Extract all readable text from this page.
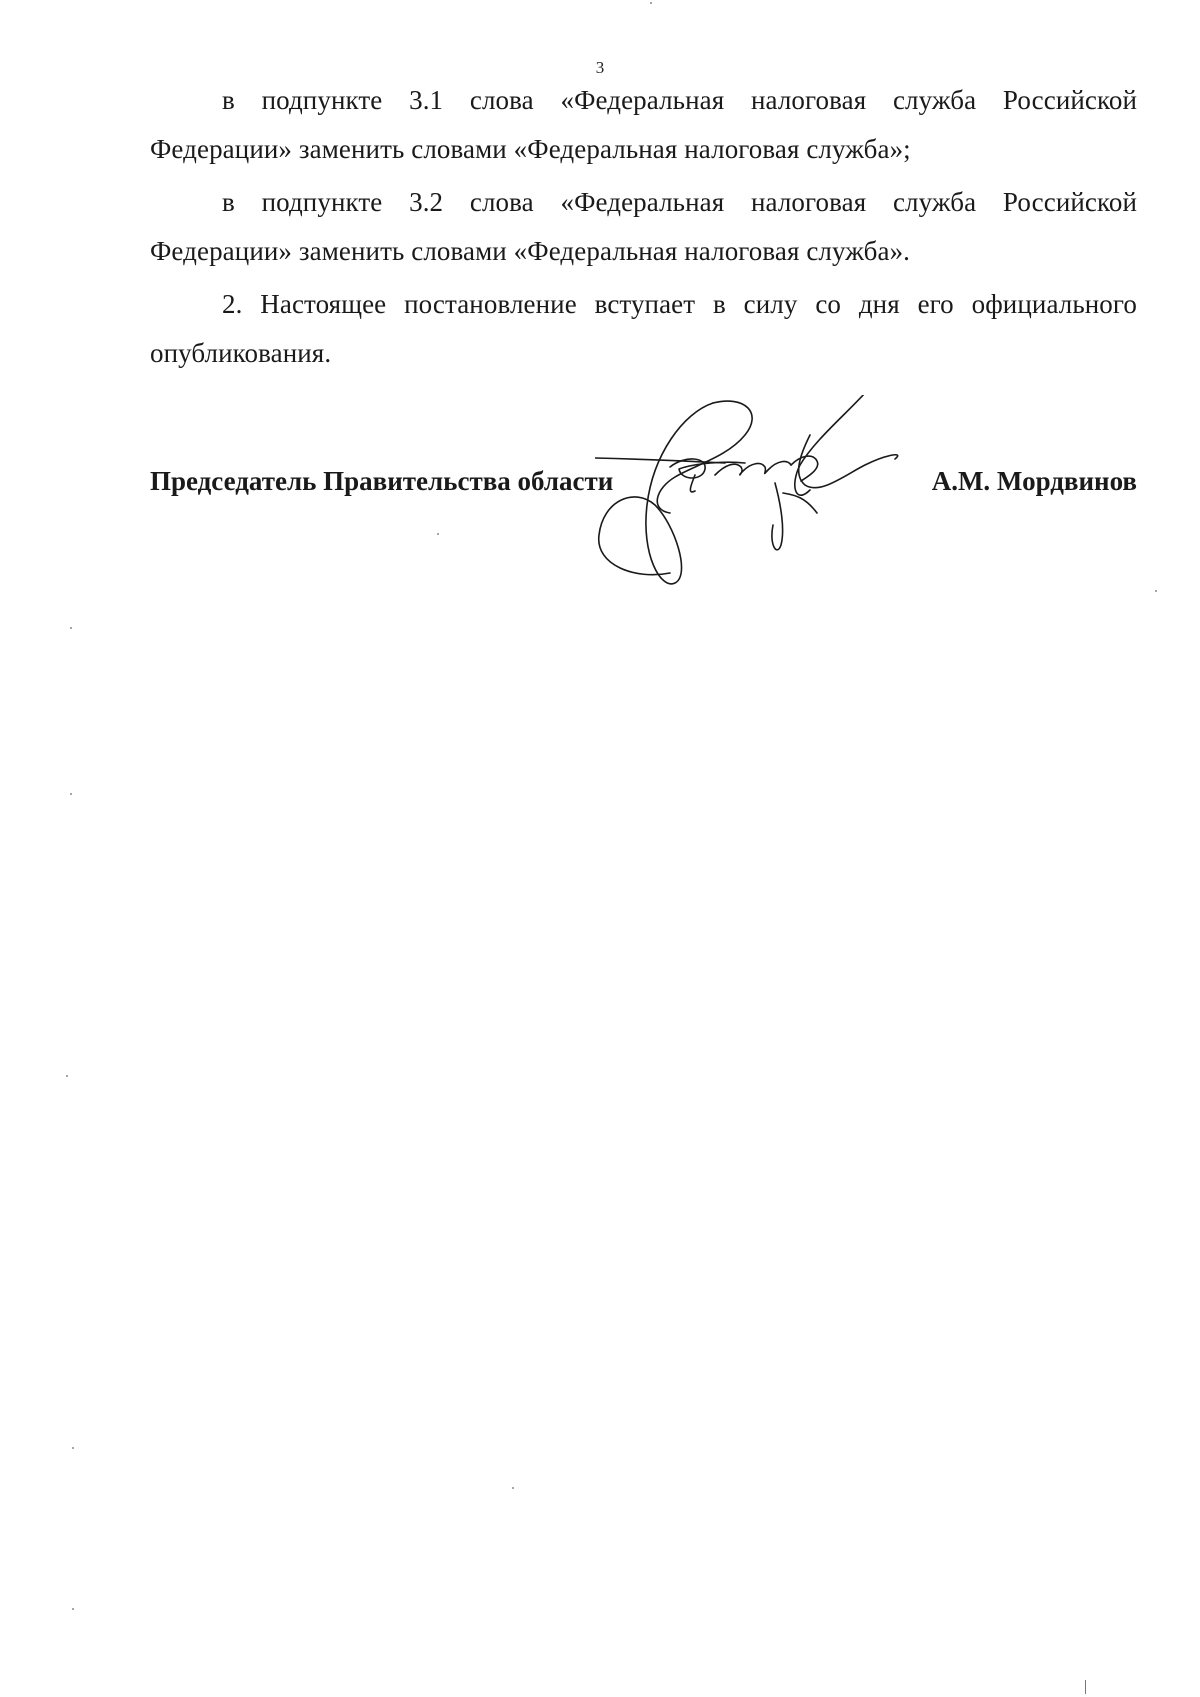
3

в подпункте 3.1 слова «Федеральная налоговая служба Российской Федерации» заменить словами «Федеральная налоговая служба»;

в подпункте 3.2 слова «Федеральная налоговая служба Российской Федерации» заменить словами «Федеральная налоговая служба».

2. Настоящее постановление вступает в силу со дня его официального опубликования.

Председатель Правительства области	А.М. Мордвинов
